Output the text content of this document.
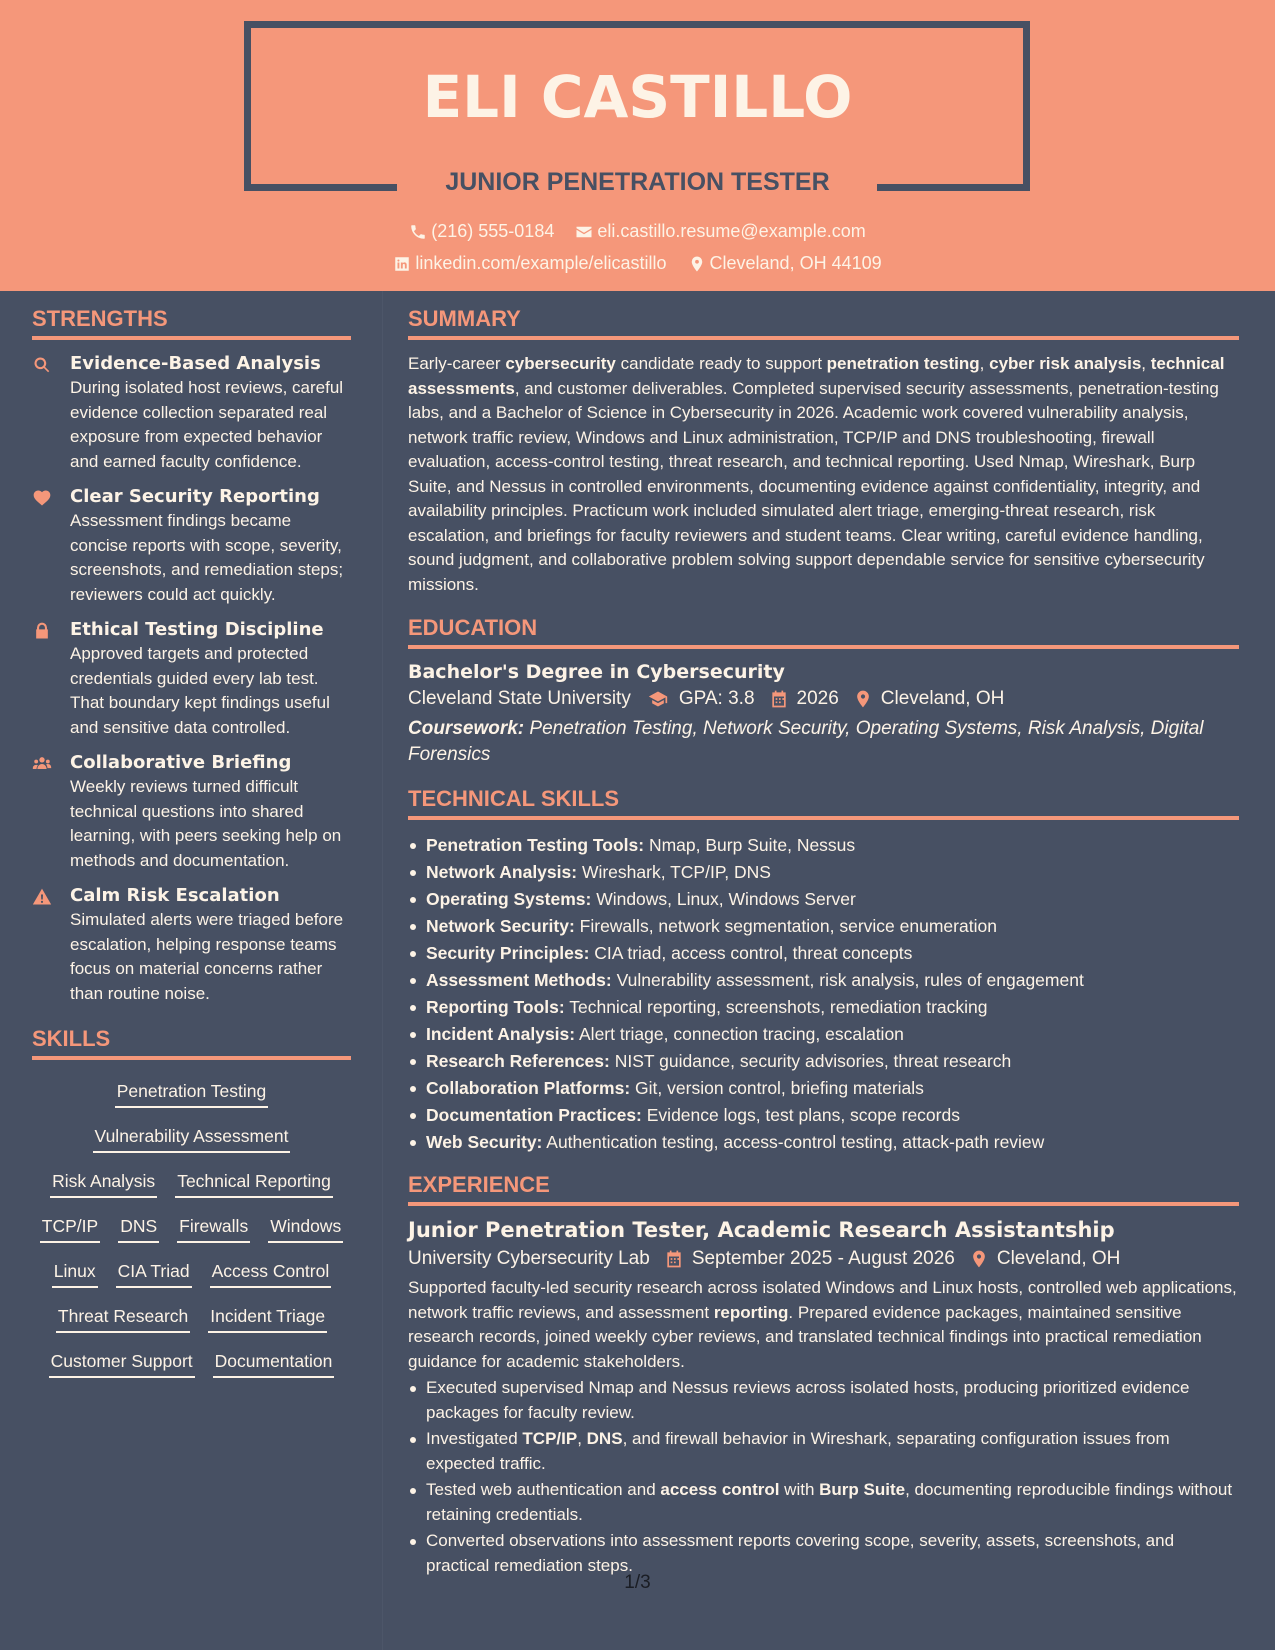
ELI CASTILLO
JUNIOR PENETRATION TESTER
(216) 555-0184
eli.castillo.resume@example.com
linkedin.com/example/elicastillo
Cleveland, OH 44109
STRENGTHS
Evidence-Based Analysis
During isolated host reviews, careful evidence collection separated real exposure from expected behavior and earned faculty confidence.
Clear Security Reporting
Assessment findings became concise reports with scope, severity, screenshots, and remediation steps; reviewers could act quickly.
Ethical Testing Discipline
Approved targets and protected credentials guided every lab test. That boundary kept findings useful and sensitive data controlled.
Collaborative Briefing
Weekly reviews turned difficult technical questions into shared learning, with peers seeking help on methods and documentation.
Calm Risk Escalation
Simulated alerts were triaged before escalation, helping response teams focus on material concerns rather than routine noise.
SKILLS
Penetration Testing
Vulnerability Assessment
Risk Analysis Technical Reporting
TCP/IP DNS Firewalls Windows
Linux CIA Triad Access Control
Threat Research Incident Triage
Customer Support Documentation
SUMMARY
Early-career cybersecurity candidate ready to support penetration testing, cyber risk analysis, technical assessments, and customer deliverables. Completed supervised security assessments, penetration-testing labs, and a Bachelor of Science in Cybersecurity in 2026. Academic work covered vulnerability analysis, network traffic review, Windows and Linux administration, TCP/IP and DNS troubleshooting, firewall evaluation, access-control testing, threat research, and technical reporting. Used Nmap, Wireshark, Burp Suite, and Nessus in controlled environments, documenting evidence against confidentiality, integrity, and availability principles. Practicum work included simulated alert triage, emerging-threat research, risk escalation, and briefings for faculty reviewers and student teams. Clear writing, careful evidence handling, sound judgment, and collaborative problem solving support dependable service for sensitive cybersecurity missions.
EDUCATION
Bachelor's Degree in Cybersecurity
Cleveland State University	GPA: 3.8 2026 Cleveland, OH
Coursework: Penetration Testing, Network Security, Operating Systems, Risk Analysis, Digital Forensics
TECHNICAL SKILLS
Penetration Testing Tools: Nmap, Burp Suite, Nessus
Network Analysis: Wireshark, TCP/IP, DNS
Operating Systems: Windows, Linux, Windows Server
Network Security: Firewalls, network segmentation, service enumeration
Security Principles: CIA triad, access control, threat concepts
Assessment Methods: Vulnerability assessment, risk analysis, rules of engagement
Reporting Tools: Technical reporting, screenshots, remediation tracking
Incident Analysis: Alert triage, connection tracing, escalation
Research References: NIST guidance, security advisories, threat research
Collaboration Platforms: Git, version control, briefing materials
Documentation Practices: Evidence logs, test plans, scope records
Web Security: Authentication testing, access-control testing, attack-path review
EXPERIENCE
Junior Penetration Tester, Academic Research Assistantship
University Cybersecurity Lab September 2025 - August 2026 Cleveland, OH
Supported faculty-led security research across isolated Windows and Linux hosts, controlled web applications, network traffic reviews, and assessment reporting. Prepared evidence packages, maintained sensitive research records, joined weekly cyber reviews, and translated technical findings into practical remediation guidance for academic stakeholders.
Executed supervised Nmap and Nessus reviews across isolated hosts, producing prioritized evidence packages for faculty review.
Investigated TCP/IP, DNS, and firewall behavior in Wireshark, separating configuration issues from expected traffic.
Tested web authentication and access control with Burp Suite, documenting reproducible findings without retaining credentials.
Converted observations into assessment reports covering scope, severity, assets, screenshots, and practical remediation steps.
1/3
